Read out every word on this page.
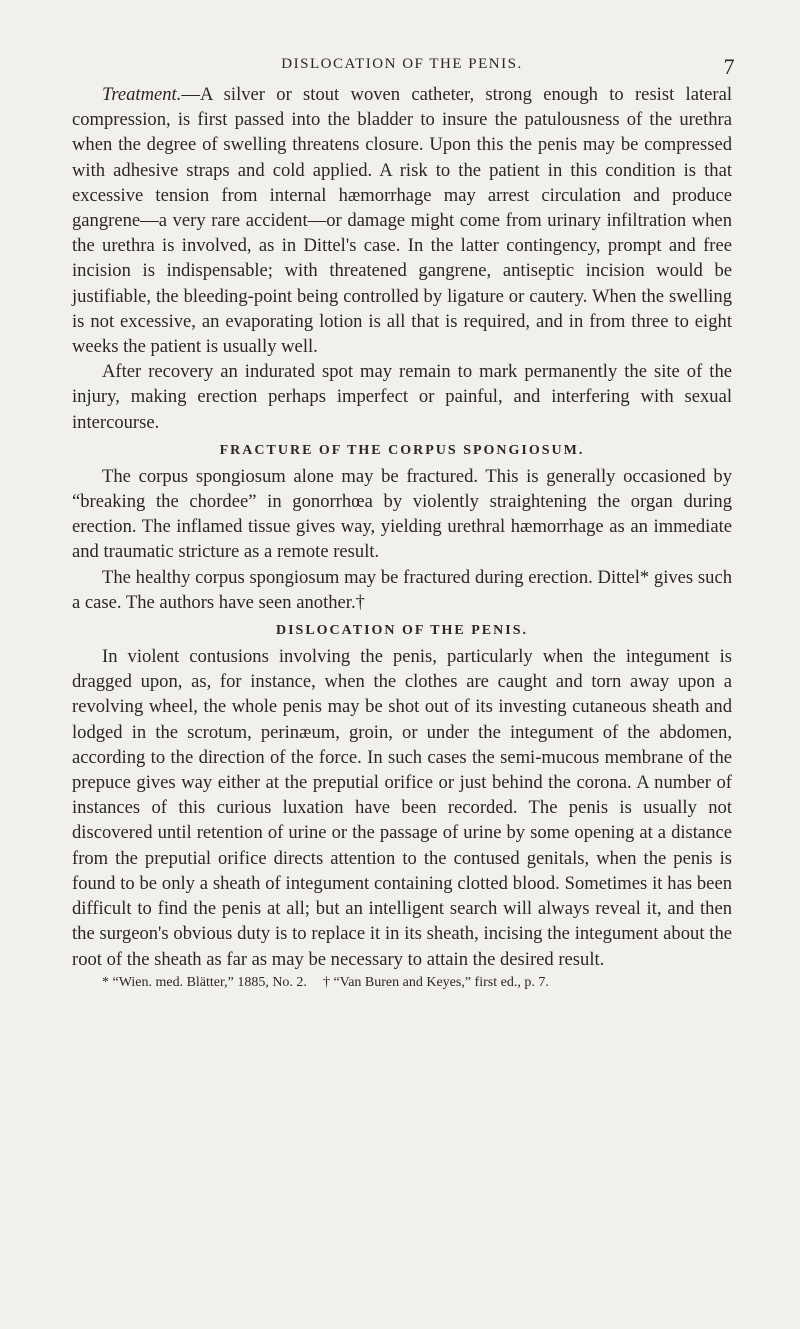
DISLOCATION OF THE PENIS.	7

Treatment.—A silver or stout woven catheter, strong enough to resist lateral compression, is first passed into the bladder to insure the patulousness of the urethra when the degree of swelling threatens closure. Upon this the penis may be compressed with adhesive straps and cold applied. A risk to the patient in this condition is that excessive tension from internal hæmorrhage may arrest circulation and produce gangrene—a very rare accident—or damage might come from urinary infiltration when the urethra is involved, as in Dittel's case. In the latter contingency, prompt and free incision is indispensable; with threatened gangrene, antiseptic incision would be justifiable, the bleeding-point being controlled by ligature or cautery. When the swelling is not excessive, an evaporating lotion is all that is required, and in from three to eight weeks the patient is usually well.

After recovery an indurated spot may remain to mark permanently the site of the injury, making erection perhaps imperfect or painful, and interfering with sexual intercourse.

FRACTURE OF THE CORPUS SPONGIOSUM.

The corpus spongiosum alone may be fractured. This is generally occasioned by “breaking the chordee” in gonorrhœa by violently straightening the organ during erection. The inflamed tissue gives way, yielding urethral hæmorrhage as an immediate and traumatic stricture as a remote result.

The healthy corpus spongiosum may be fractured during erection. Dittel* gives such a case. The authors have seen another.†

DISLOCATION OF THE PENIS.

In violent contusions involving the penis, particularly when the integument is dragged upon, as, for instance, when the clothes are caught and torn away upon a revolving wheel, the whole penis may be shot out of its investing cutaneous sheath and lodged in the scrotum, perinæum, groin, or under the integument of the abdomen, according to the direction of the force. In such cases the semi-mucous membrane of the prepuce gives way either at the preputial orifice or just behind the corona. A number of instances of this curious luxation have been recorded. The penis is usually not discovered until retention of urine or the passage of urine by some opening at a distance from the preputial orifice directs attention to the contused genitals, when the penis is found to be only a sheath of integument containing clotted blood. Sometimes it has been difficult to find the penis at all; but an intelligent search will always reveal it, and then the surgeon's obvious duty is to replace it in its sheath, incising the integument about the root of the sheath as far as may be necessary to attain the desired result.

* “Wien. med. Blätter,” 1885, No. 2. † “Van Buren and Keyes,” first ed., p. 7.
